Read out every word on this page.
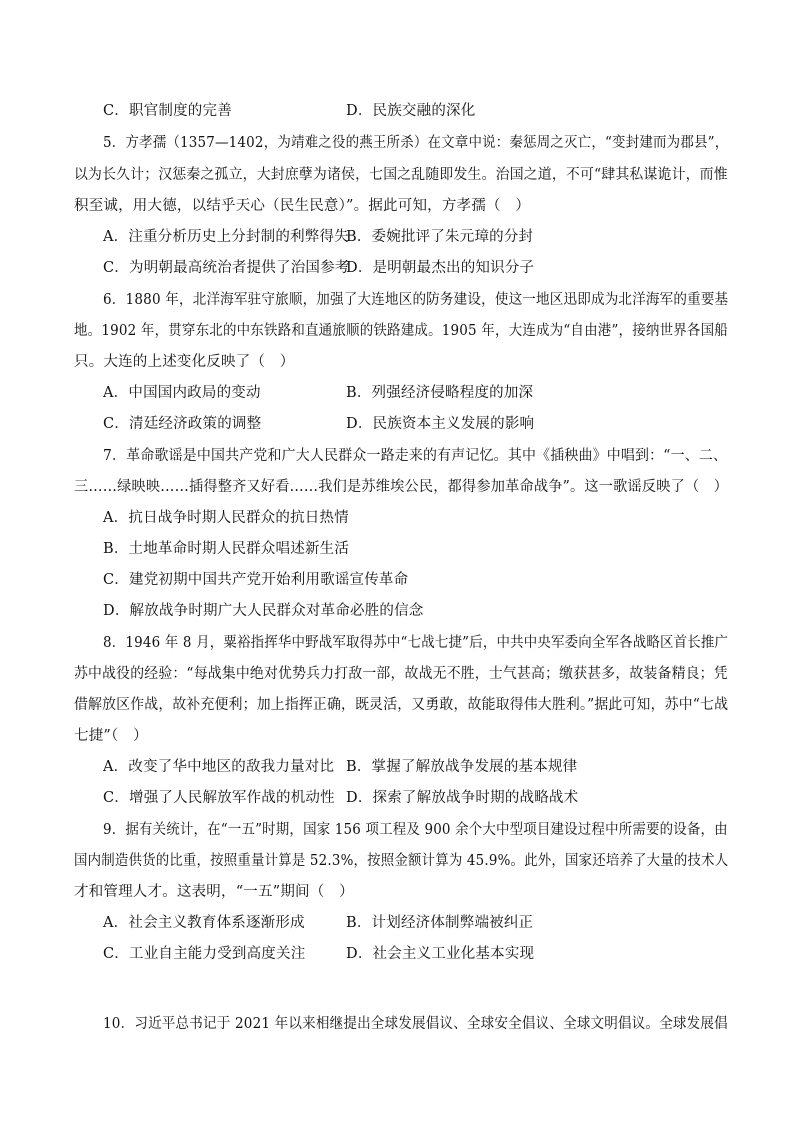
C．职官制度的完善	D．民族交融的深化
5．方孝孺（1357—1402，为靖难之役的燕王所杀）在文章中说：秦惩周之灭亡，“变封建而为郡县”，
以为长久计；汉惩秦之孤立，大封庶孽为诸侯，七国之乱随即发生。治国之道，不可“肆其私谋诡计，而惟
积至诚，用大德，以结乎天心（民生民意）”。据此可知，方孝孺（　）
A．注重分析历史上分封制的利弊得失
B．委婉批评了朱元璋的分封
C．为明朝最高统治者提供了治国参考
D．是明朝最杰出的知识分子
6．1880 年，北洋海军驻守旅顺，加强了大连地区的防务建设，使这一地区迅即成为北洋海军的重要基
地。1902 年，贯穿东北的中东铁路和直通旅顺的铁路建成。1905 年，大连成为“自由港”，接纳世界各国船
只。大连的上述变化反映了（　）
A．中国国内政局的变动	B．列强经济侵略程度的加深
C．清廷经济政策的调整	D．民族资本主义发展的影响
7．革命歌谣是中国共产党和广大人民群众一路走来的有声记忆。其中《插秧曲》中唱到：“一、二、
三……绿映映……插得整齐又好看……我们是苏维埃公民，都得参加革命战争”。这一歌谣反映了（　）
A．抗日战争时期人民群众的抗日热情
B．土地革命时期人民群众唱述新生活
C．建党初期中国共产党开始利用歌谣宣传革命
D．解放战争时期广大人民群众对革命必胜的信念
8．1946 年 8 月，粟裕指挥华中野战军取得苏中“七战七捷”后，中共中央军委向全军各战略区首长推广
苏中战役的经验：“每战集中绝对优势兵力打敌一部，故战无不胜，士气甚高；缴获甚多，故装备精良；凭
借解放区作战，故补充便利；加上指挥正确，既灵活，又勇敢，故能取得伟大胜利。”据此可知，苏中“七战
七捷”（　）
A．改变了华中地区的敌我力量对比 B．掌握了解放战争发展的基本规律
C．增强了人民解放军作战的机动性 D．探索了解放战争时期的战略战术
9．据有关统计，在“一五”时期，国家 156 项工程及 900 余个大中型项目建设过程中所需要的设备，由
国内制造供货的比重，按照重量计算是 52.3%，按照金额计算为 45.9%。此外，国家还培养了大量的技术人
才和管理人才。这表明，“一五”期间（　）
A．社会主义教育体系逐渐形成	B．计划经济体制弊端被纠正
C．工业自主能力受到高度关注	D．社会主义工业化基本实现
10．习近平总书记于 2021 年以来相继提出全球发展倡议、全球安全倡议、全球文明倡议。全球发展倡
